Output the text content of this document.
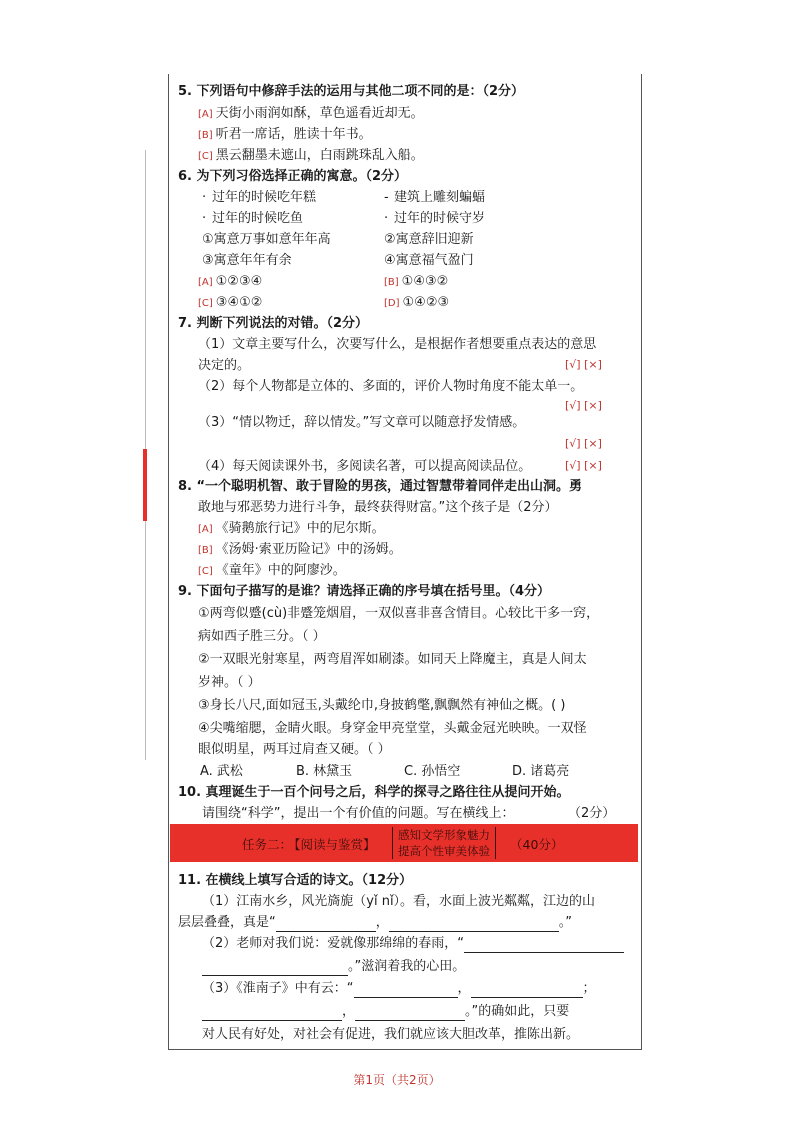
5. 下列语句中修辞手法的运用与其他二项不同的是：（2分）
[A] 天街小雨润如酥，草色遥看近却无。
[B] 听君一席话，胜读十年书。
[C] 黑云翻墨未遮山，白雨跳珠乱入船。
6. 为下列习俗选择正确的寓意。（2分）
· 过年的时候吃年糕	- 建筑上雕刻蝙蝠
· 过年的时候吃鱼	· 过年的时候守岁
①寓意万事如意年年高	②寓意辞旧迎新
③寓意年年有余	④寓意福气盈门
[A] ①②③④	[B] ①④③②
[C] ③④①②	[D] ①④②③
7. 判断下列说法的对错。（2分）
（1）文章主要写什么，次要写什么，是根据作者想要重点表达的意思
决定的。	[√] [×]
（2）每个人物都是立体的、多面的，评价人物时角度不能太单一。
[√] [×]
（3）“情以物迁，辞以情发。”写文章可以随意抒发情感。
[√] [×]
（4）每天阅读课外书，多阅读名著，可以提高阅读品位。	[√] [×]
8. “一个聪明机智、敢于冒险的男孩，通过智慧带着同伴走出山洞。勇
敢地与邪恶势力进行斗争，最终获得财富。”这个孩子是（2分）
[A] 《骑鹅旅行记》中的尼尔斯。
[B] 《汤姆·索亚历险记》中的汤姆。
[C] 《童年》中的阿廖沙。
9. 下面句子描写的是谁？请选择正确的序号填在括号里。（4分）
①两弯似蹙(cù)非蹙笼烟眉，一双似喜非喜含情目。心较比干多一窍，
病如西子胜三分。（ ）
②一双眼光射寒星，两弯眉浑如刷漆。如同天上降魔主，真是人间太
岁神。（ ）
③身长八尺,面如冠玉,头戴纶巾,身披鹤氅,飘飘然有神仙之概。( )
④尖嘴缩腮，金睛火眼。身穿金甲亮堂堂，头戴金冠光映映。一双怪
眼似明星，两耳过肩查又硬。（ ）
A. 武松	B. 林黛玉	C. 孙悟空	D. 诸葛亮
10. 真理诞生于一百个问号之后，科学的探寻之路往往从提问开始。
请围绕“科学”，提出一个有价值的问题。写在横线上：	（2分）
任务二：
【阅读与鉴赏】
感知文学形象魅力
提高个性审美体验	（40分）
11. 在横线上填写合适的诗文。（12分）
（1）江南水乡，风光旖旎（yǐ nǐ）。看，水面上波光粼粼，江边的山
层层叠叠，真是“	，	。”
（2）老师对我们说：爱就像那绵绵的春雨，“
。”滋润着我的心田。
（3）《淮南子》中有云：“	，	；
，	。”的确如此，只要
对人民有好处，对社会有促进，我们就应该大胆改革，推陈出新。
第1页（共2页）
